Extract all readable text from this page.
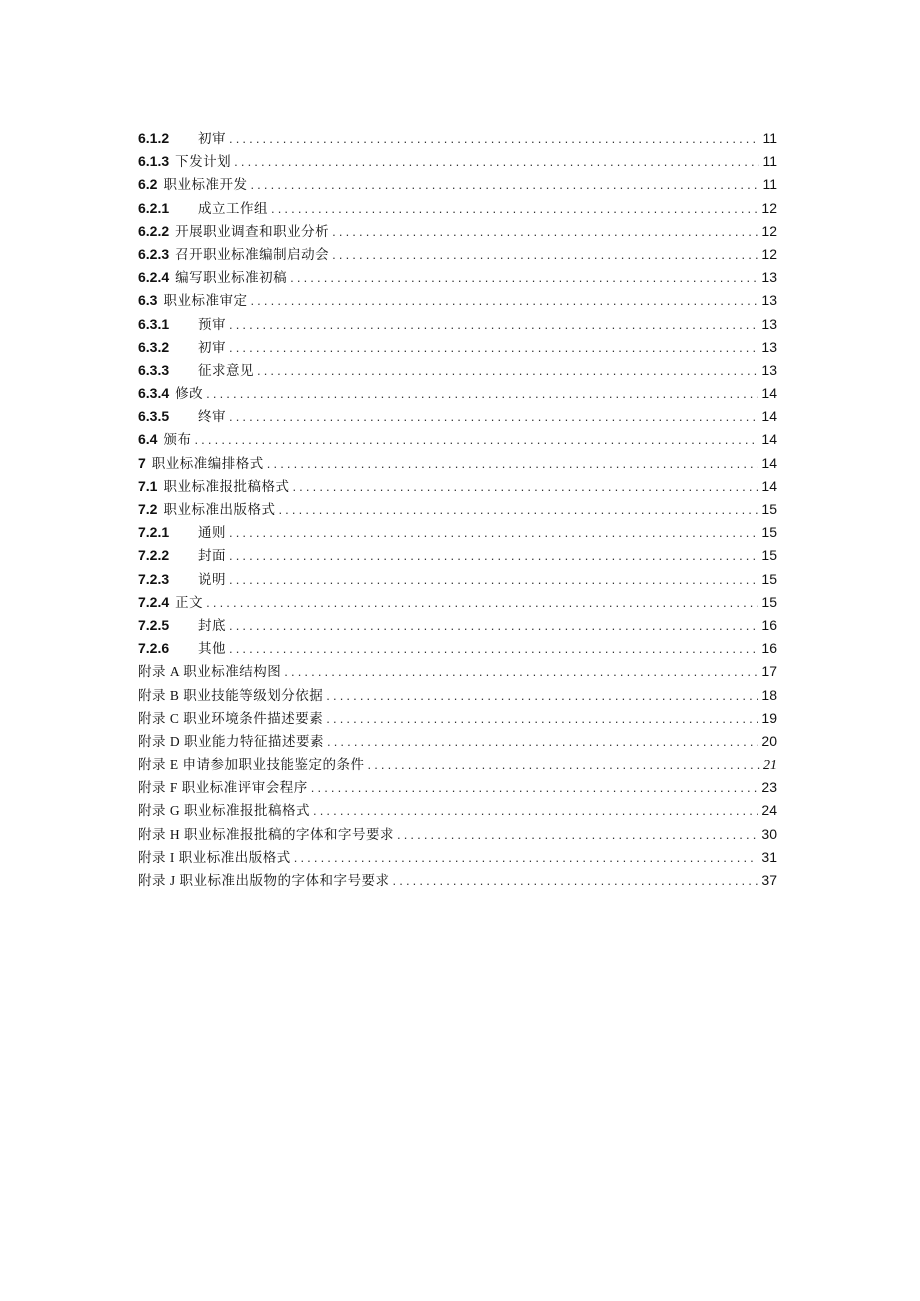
6.1.2	初审 .....	11
6.1.3 下发计划 .....	11
6.2 职业标准开发 .....	11
6.2.1	成立工作组 .....	12
6.2.2 开展职业调查和职业分析 .....	12
6.2.3 召开职业标准编制启动会 .....	12
6.2.4 编写职业标准初稿 .....	13
6.3 职业标准审定 .....	13
6.3.1	预审 .....	13
6.3.2	初审 .....	13
6.3.3	征求意见 .....	13
6.3.4 修改 .....	14
6.3.5	终审 .....	14
6.4 颁布 .....	14
7 职业标准编排格式 .....	14
7.1 职业标准报批稿格式 .....	14
7.2 职业标准出版格式 .....	15
7.2.1	通则 .....	15
7.2.2	封面 .....	15
7.2.3	说明 .....	15
7.2.4 正文 .....	15
7.2.5	封底 .....	16
7.2.6	其他 .....	16
附录 A 职业标准结构图 .....	17
附录 B 职业技能等级划分依据 .....	18
附录 C 职业环境条件描述要素 .....	19
附录 D 职业能力特征描述要素 .....	20
附录 E 申请参加职业技能鉴定的条件 .....	21
附录 F 职业标准评审会程序 .....	23
附录 G 职业标准报批稿格式 .....	24
附录 H 职业标准报批稿的字体和字号要求 .....	30
附录 I 职业标准出版格式 .....	31
附录 J 职业标准出版物的字体和字号要求 .....	37
